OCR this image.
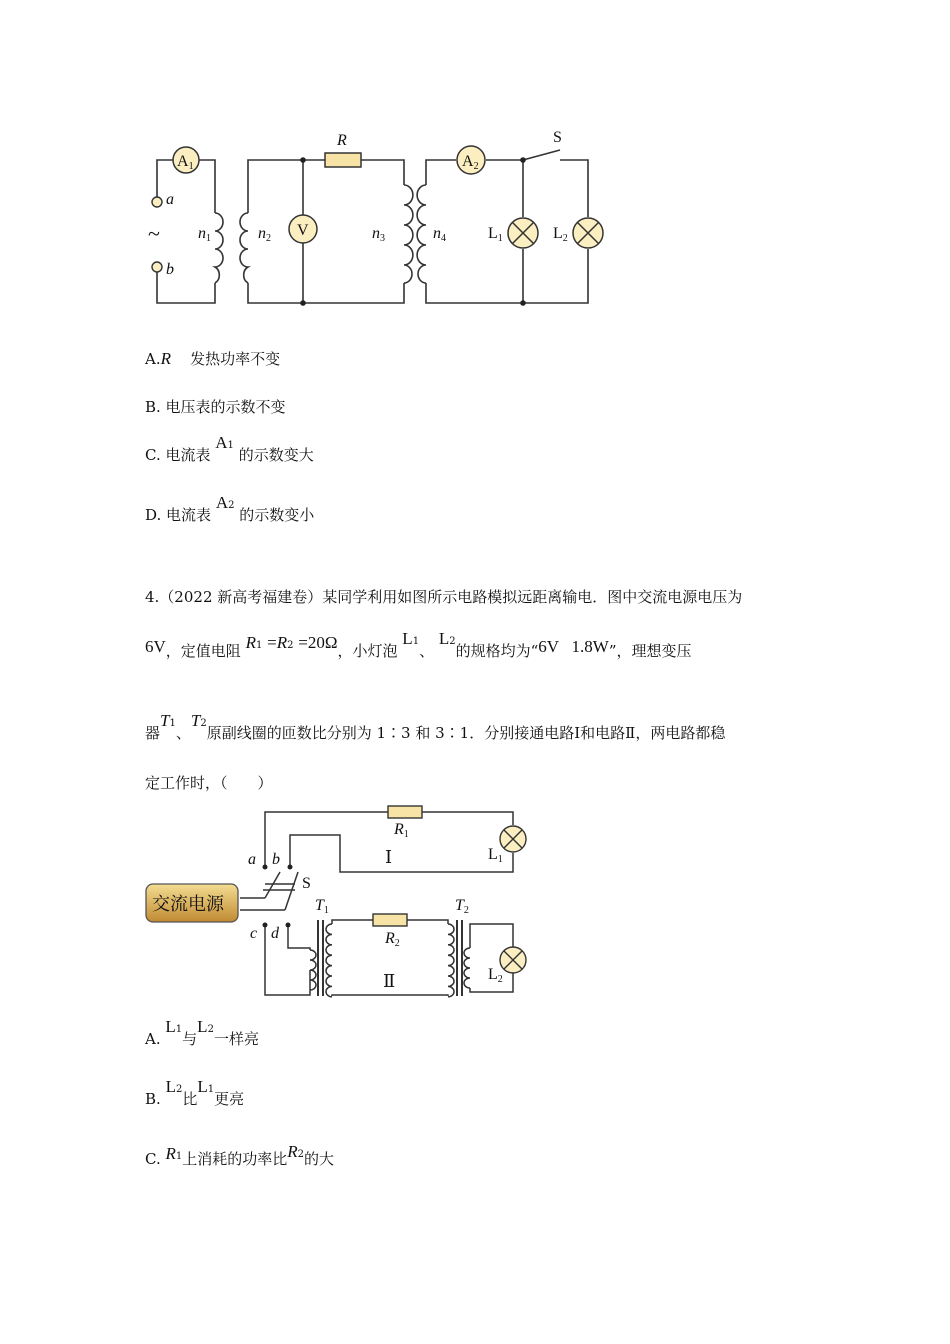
A1
a
~
b
n1	n2 V
R
n3	n4
A2
S
L1	L2
A.R 发热功率不变
B. 电压表的示数不变
C. 电流表 A1 的示数变大
D. 电流表 A2 的示数变小
4.（2022 新高考福建卷）某同学利用如图所示电路模拟远距离输电．图中交流电源电压为
6V，定值电阻 R1 =R2 =20Ω，小灯泡 L1、 L2的规格均为“6V   1.8W”，理想变压
器T1、T2原副线圈的匝数比分别为 1∶3 和 3∶1．分别接通电路Ⅰ和电路Ⅱ，两电路都稳
定工作时，（　　）
交流电源
a b
c d
S
R1
R2
T1	T2
L1
L2
Ⅰ
Ⅱ
A. L1与L2一样亮
B. L2比L1更亮
C. R1上消耗的功率比R2的大
